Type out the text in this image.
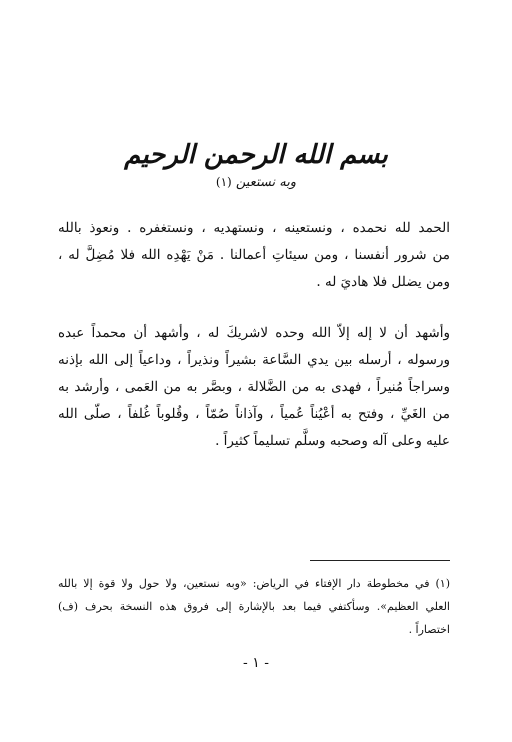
بسم الله الرحمن الرحيم
وبه نستعين (١)
الحمد لله نحمده ، ونستعينه ، ونستهديه ، ونستغفره . ونعوذ بالله
من شرور أنفسنا ، ومن سيئاتِ أعمالنا . مَنْ يَهْدِه الله فلا مُضِلَّ له ،
ومن يضلل فلا هاديَ له .
وأشهد أن لا إله إلاّ الله وحده لاشريكَ له ، وأشهد أن محمداً عبده
ورسوله ، أرسله بين يدي السَّاعة بشيراً ونذيراً ، وداعياً إلى الله بإذنه
وسراجاً مُنيراً ، فهدى به من الضَّلالة ، وبصَّر به من العَمى ، وأرشد به
من الغَيِّ ، وفتح به أعْيُناً عُمياً ، وآذاناً صُمّاً ، وقُلوباً غُلفاً ، صلّى الله
عليه وعلى آله وصحبه وسلَّم تسليماً كثيراً .
(١) في مخطوطة دار الإفتاء في الرياض: «وبه نستعين، ولا حول ولا قوة إلا بالله
العلي العظيم». وسأكتفي فيما بعد بالإشارة إلى فروق هذه النسخة بحرف (ف)
اختصاراً .
- ١ -
